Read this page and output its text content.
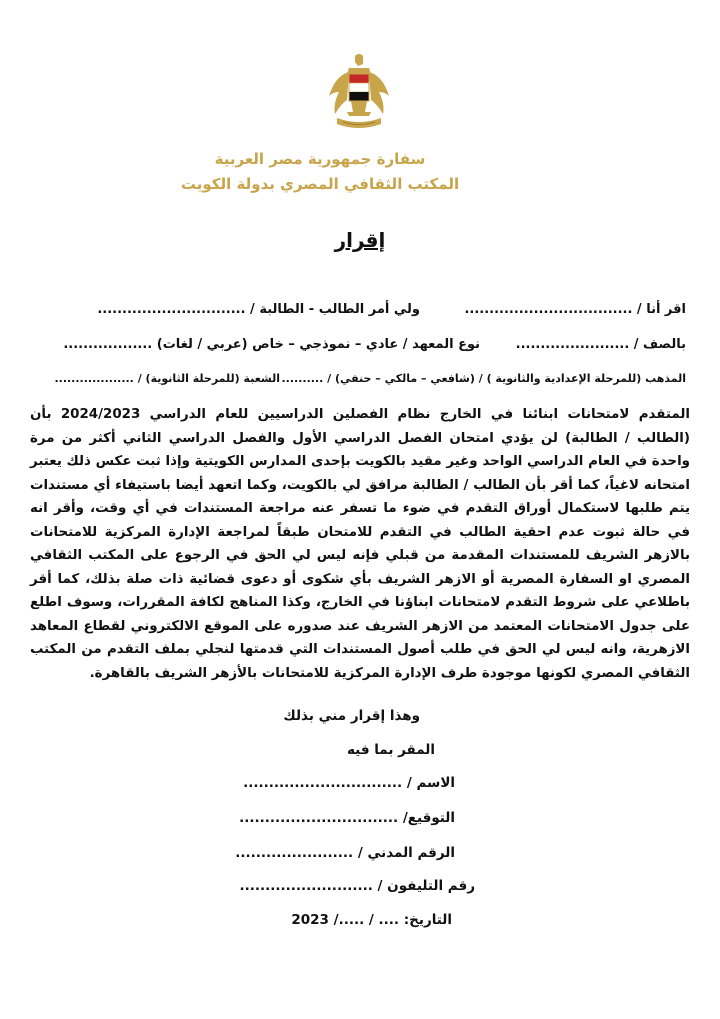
سفارة جمهورية مصر العربية
المكتب الثقافي المصري بدولة الكويت
إقرار
اقر أنا / ..................................
ولي أمر الطالب - الطالبة / ..............................
بالصف / .......................
نوع المعهد / عادي – نموذجي – خاص (عربي / لغات) ..................
المذهب (للمرحلة الإعدادية والثانوية ) / (شافعي – مالكي – حنفي) / ..........
الشعبة (للمرحلة الثانوية) / ...................

المتقدم لامتحانات ابنائنا في الخارج نظام الفصلين الدراسيين للعام الدراسي 2024/2023 بأن (الطالب / الطالبة) لن يؤدي امتحان الفصل الدراسي الأول والفصل الدراسي الثاني أكثر من مرة واحدة في العام الدراسي الواحد وغير مقيد بالكويت بإحدى المدارس الكويتية وإذا ثبت عكس ذلك يعتبر امتحانه لاغياً، كما أقر بأن الطالب / الطالبة مرافق لي بالكويت، وكما اتعهد أيضا باستيفاء أي مستندات يتم طلبها لاستكمال أوراق التقدم في ضوء ما تسفر عنه مراجعة المستندات في أي وقت، وأقر انه في حالة ثبوت عدم احقية الطالب في التقدم للامتحان طبقاً لمراجعة الإدارة المركزية للامتحانات بالازهر الشريف للمستندات المقدمة من قبلي فإنه ليس لي الحق في الرجوع على المكتب الثقافي المصري او السفارة المصرية أو الازهر الشريف بأي شكوى أو دعوى قضائية ذات صلة بذلك، كما أقر باطلاعي على شروط التقدم لامتحانات ابناؤنا في الخارج، وكذا المناهج لكافة المقررات، وسوف اطلع على جدول الامتحانات المعتمد من الازهر الشريف عند صدوره على الموقع الالكتروني لقطاع المعاهد الازهرية، وانه ليس لي الحق في طلب أصول المستندات التي قدمتها لنجلي بملف التقدم من المكتب الثقافي المصري لكونها موجودة طرف الإدارة المركزية للامتحانات بالأزهر الشريف بالقاهرة.

وهذا إقرار مني بذلك
المقر بما فيه
الاسم / ...............................
التوقيع/ ...............................
الرقم المدني / .......................
رقم التليفون / ..........................
التاريخ: .... / ...../ 2023
